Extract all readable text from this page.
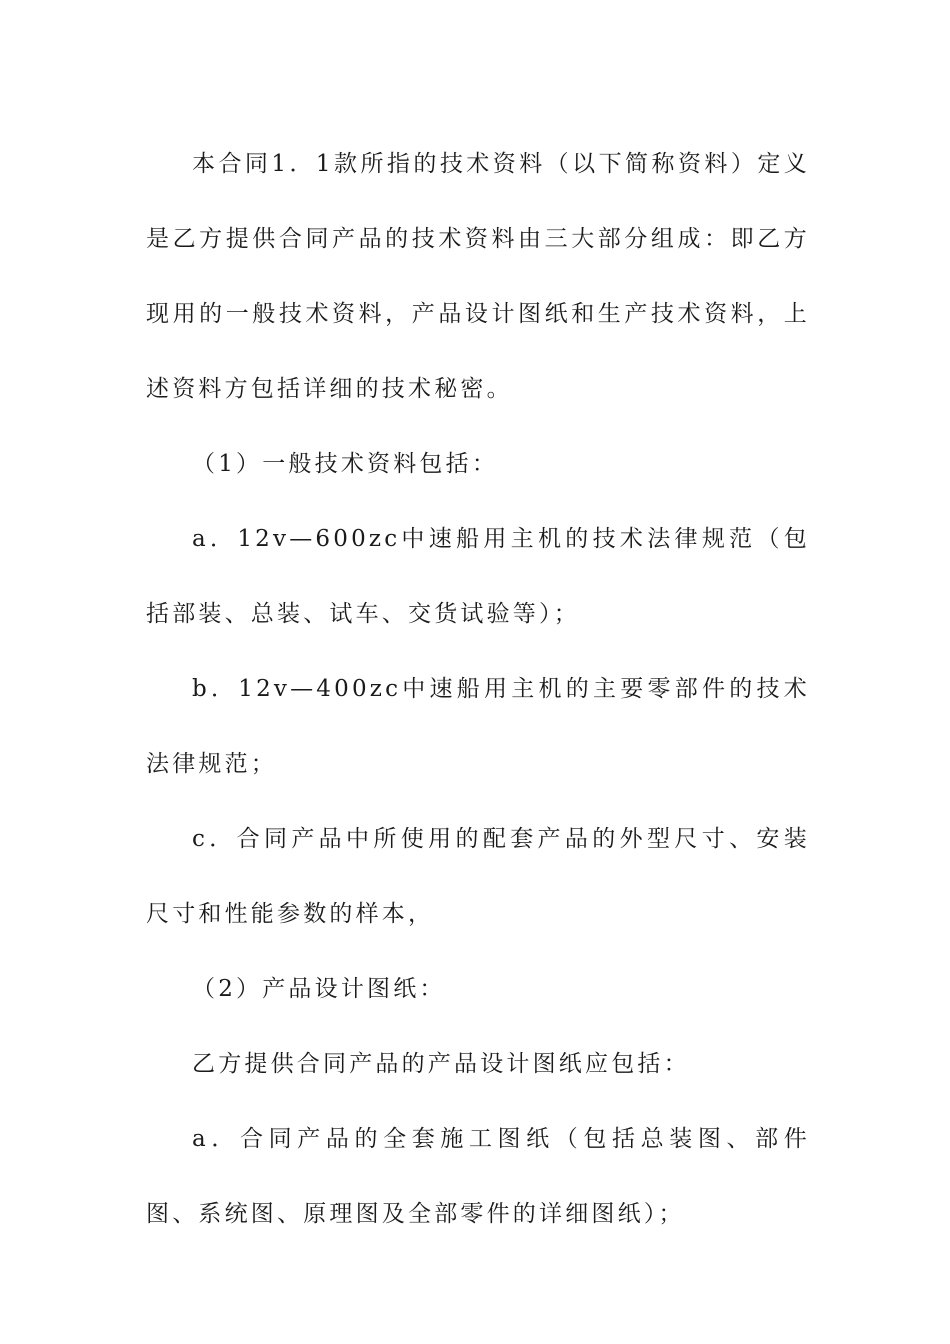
本合同1．1款所指的技术资料（以下简称资料）定义是乙方提供合同产品的技术资料由三大部分组成：即乙方现用的一般技术资料，产品设计图纸和生产技术资料，上述资料方包括详细的技术秘密。

（1）一般技术资料包括：

a．12v—600zc中速船用主机的技术法律规范（包括部装、总装、试车、交货试验等）；

b．12v—400zc中速船用主机的主要零部件的技术法律规范；

c．合同产品中所使用的配套产品的外型尺寸、安装尺寸和性能参数的样本，

（2）产品设计图纸：

乙方提供合同产品的产品设计图纸应包括：

a．合同产品的全套施工图纸（包括总装图、部件图、系统图、原理图及全部零件的详细图纸）；
